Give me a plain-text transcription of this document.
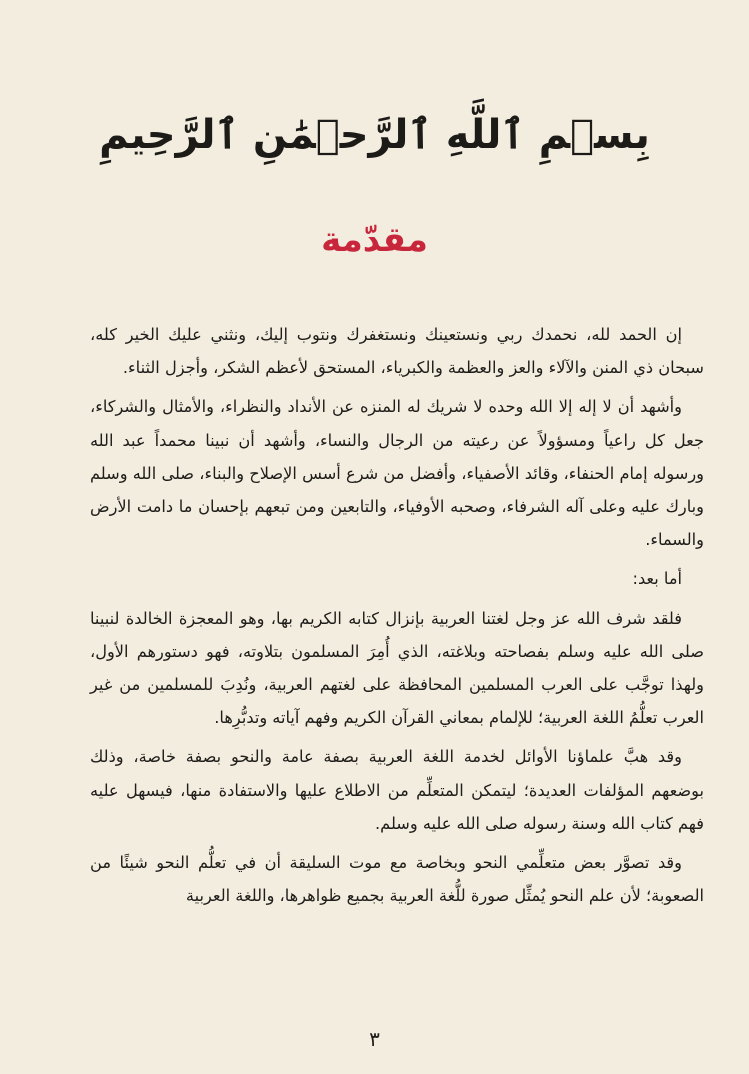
بِسۡمِ ٱللَّهِ ٱلرَّحۡمَٰنِ ٱلرَّحِيمِ
مقدّمة

إن الحمد لله، نحمدك ربي ونستعينك ونستغفرك ونتوب إليك، ونثني عليك الخير كله، سبحان ذي المنن والآلاء والعز والعظمة والكبرياء، المستحق لأعظم الشكر، وأجزل الثناء.

وأشهد أن لا إله إلا الله وحده لا شريك له المنزه عن الأنداد والنظراء، والأمثال والشركاء، جعل كل راعياً ومسؤولاً عن رعيته من الرجال والنساء، وأشهد أن نبينا محمداً عبد الله ورسوله إمام الحنفاء، وقائد الأصفياء، وأفضل من شرع أسس الإصلاح والبناء، صلى الله وسلم وبارك عليه وعلى آله الشرفاء، وصحبه الأوفياء، والتابعين ومن تبعهم بإحسان ما دامت الأرض والسماء.

أما بعد:

فلقد شرف الله عز وجل لغتنا العربية بإنزال كتابه الكريم بها، وهو المعجزة الخالدة لنبينا صلى الله عليه وسلم بفصاحته وبلاغته، الذي أُمِرَ المسلمون بتلاوته، فهو دستورهم الأول، ولهذا توجَّب على العرب المسلمين المحافظة على لغتهم العربية، ونُدِبَ للمسلمين من غير العرب تعلُّمُ اللغة العربية؛ للإلمام بمعاني القرآن الكريم وفهم آياته وتدبُّرِها.

وقد هبَّ علماؤنا الأوائل لخدمة اللغة العربية بصفة عامة والنحو بصفة خاصة، وذلك بوضعهم المؤلفات العديدة؛ ليتمكن المتعلِّم من الاطلاع عليها والاستفادة منها، فيسهل عليه فهم كتاب الله وسنة رسوله صلى الله عليه وسلم.

وقد تصوَّر بعض متعلِّمي النحو وبخاصة مع موت السليقة أن في تعلُّم النحو شيئًا من الصعوبة؛ لأن علم النحو يُمثِّل صورة للُّغة العربية بجميع ظواهرها، واللغة العربية

٣
